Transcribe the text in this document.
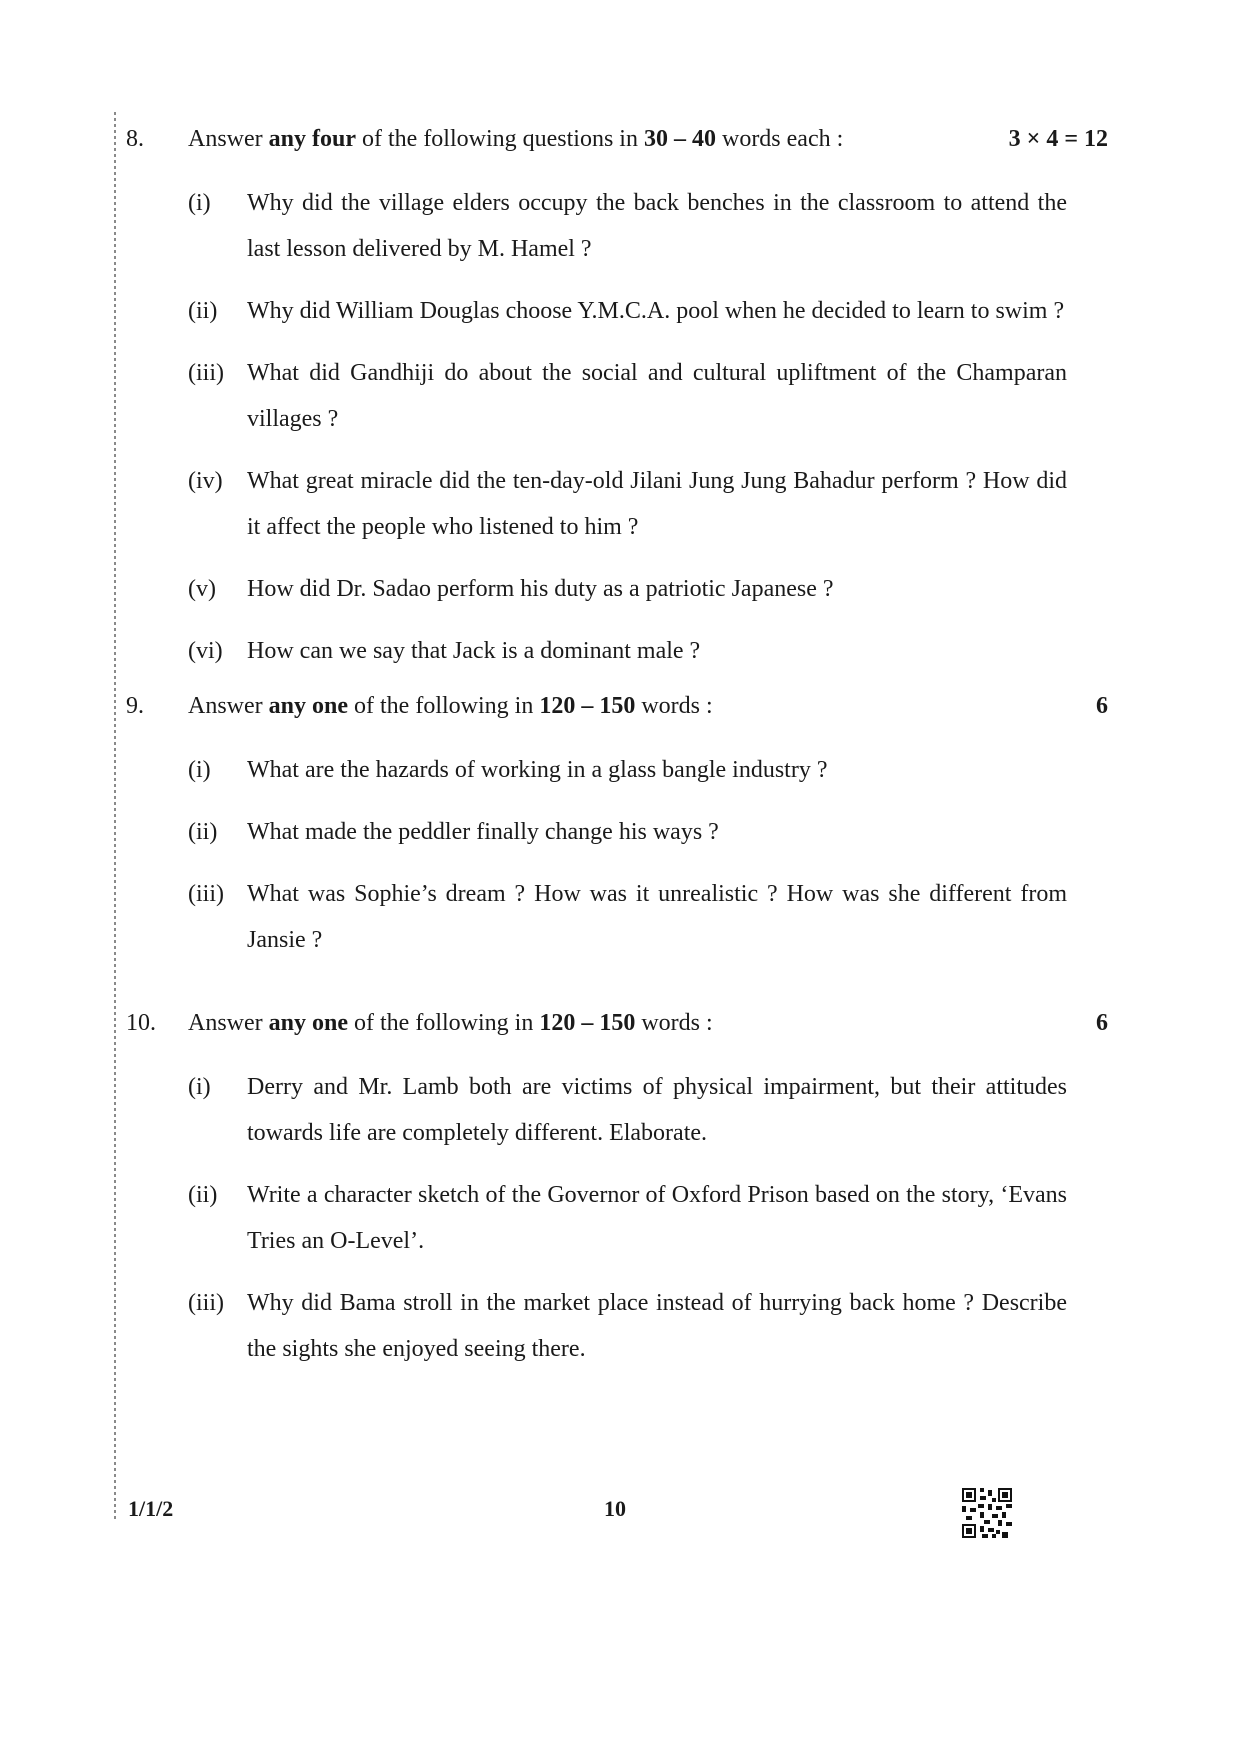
8. Answer any four of the following questions in 30 – 40 words each :	3 × 4 = 12
(i) Why did the village elders occupy the back benches in the classroom to attend the last lesson delivered by M. Hamel ?
(ii) Why did William Douglas choose Y.M.C.A. pool when he decided to learn to swim ?
(iii) What did Gandhiji do about the social and cultural upliftment of the Champaran villages ?
(iv) What great miracle did the ten-day-old Jilani Jung Jung Bahadur perform ? How did it affect the people who listened to him ?
(v) How did Dr. Sadao perform his duty as a patriotic Japanese ?
(vi) How can we say that Jack is a dominant male ?
9. Answer any one of the following in 120 – 150 words :	6
(i) What are the hazards of working in a glass bangle industry ?
(ii) What made the peddler finally change his ways ?
(iii) What was Sophie’s dream ? How was it unrealistic ? How was she different from Jansie ?
10. Answer any one of the following in 120 – 150 words :	6
(i) Derry and Mr. Lamb both are victims of physical impairment, but their attitudes towards life are completely different. Elaborate.
(ii) Write a character sketch of the Governor of Oxford Prison based on the story, ‘Evans Tries an O-Level’.
(iii) Why did Bama stroll in the market place instead of hurrying back home ? Describe the sights she enjoyed seeing there.
1/1/2	10
